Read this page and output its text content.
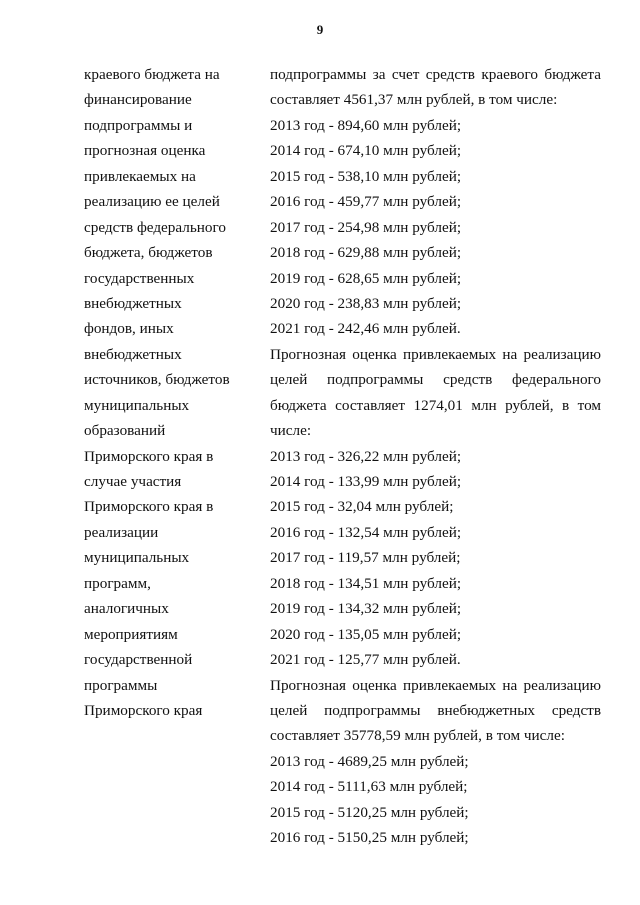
9
краевого бюджета на
финансирование
подпрограммы и
прогнозная оценка
привлекаемых на
реализацию ее целей
средств федерального
бюджета, бюджетов
государственных
внебюджетных
фондов, иных
внебюджетных
источников, бюджетов
муниципальных
образований
Приморского края в
случае участия
Приморского края в
реализации
муниципальных
программ,
аналогичных
мероприятиям
государственной
программы
Приморского края
подпрограммы за счет средств краевого бюджета
составляет 4561,37 млн рублей, в том числе:
2013 год - 894,60 млн рублей;
2014 год - 674,10 млн рублей;
2015 год - 538,10 млн рублей;
2016 год - 459,77 млн рублей;
2017 год - 254,98 млн рублей;
2018 год - 629,88 млн рублей;
2019 год - 628,65 млн рублей;
2020 год - 238,83 млн рублей;
2021 год - 242,46 млн рублей.
Прогнозная оценка привлекаемых на реализацию
целей подпрограммы средств федерального
бюджета составляет 1274,01 млн рублей, в том
числе:
2013 год - 326,22 млн рублей;
2014 год - 133,99 млн рублей;
2015 год - 32,04 млн рублей;
2016 год - 132,54 млн рублей;
2017 год - 119,57 млн рублей;
2018 год - 134,51 млн рублей;
2019 год - 134,32 млн рублей;
2020 год - 135,05 млн рублей;
2021 год - 125,77 млн рублей.
Прогнозная оценка привлекаемых на реализацию
целей подпрограммы внебюджетных средств
составляет 35778,59 млн рублей, в том числе:
2013 год - 4689,25 млн рублей;
2014 год - 5111,63 млн рублей;
2015 год - 5120,25 млн рублей;
2016 год - 5150,25 млн рублей;
